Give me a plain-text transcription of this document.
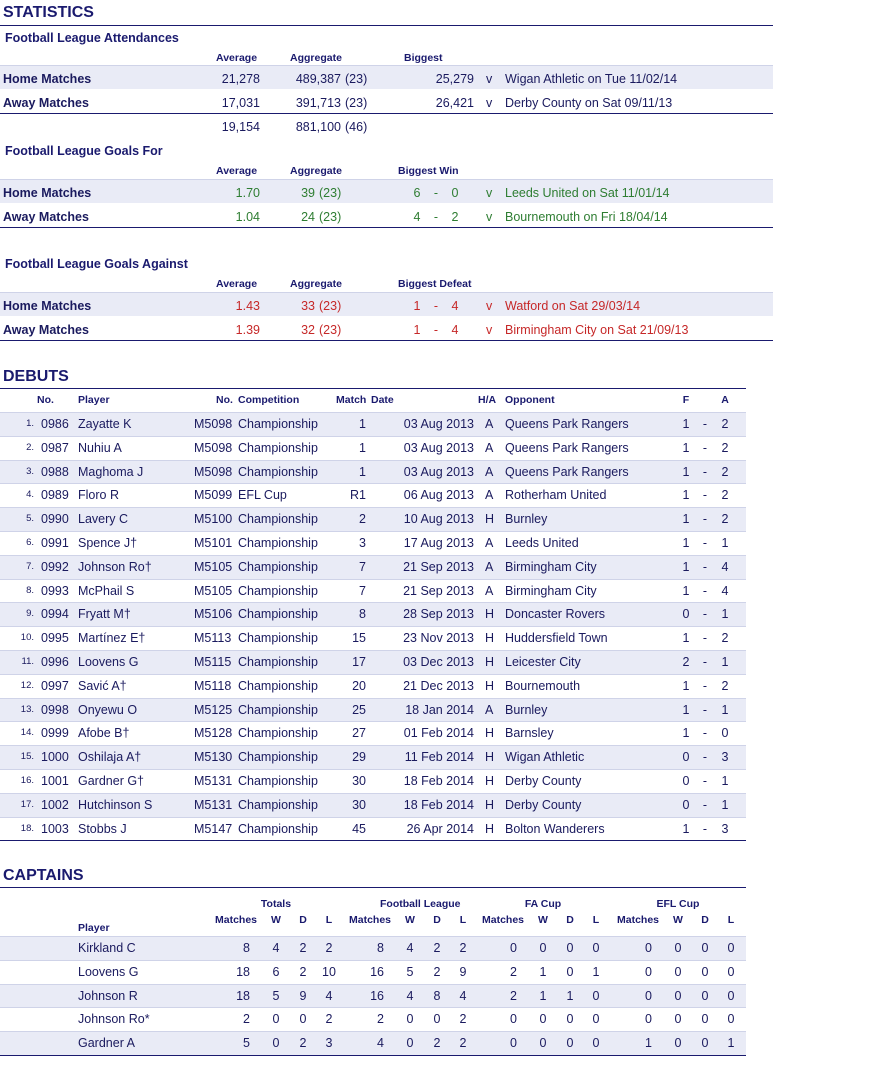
STATISTICS
Football League Attendances
Average	Aggregate	Biggest
Home Matches	21,278	489,387 (23)	25,279 v Wigan Athletic on Tue 11/02/14
Away Matches	17,031	391,713 (23)	26,421 v Derby County on Sat 09/11/13
19,154	881,100 (46)
Football League Goals For
Average	Aggregate	Biggest Win
Home Matches	1.70	39 (23)	6	-	0	v Leeds United on Sat 11/01/14
Away Matches	1.04	24 (23)	4	-	2	v Bournemouth on Fri 18/04/14
Football League Goals Against
Average	Aggregate	Biggest Defeat
Home Matches	1.43	33 (23)	1	-	4	v Watford on Sat 29/03/14
Away Matches	1.39	32 (23)	1	-	4	v Birmingham City on Sat 21/09/13
DEBUTS
No. Player	No. Competition	Match Date	H/A Opponent	F	A
1. 0986 Zayatte K	M5098 Championship	1	03 Aug 2013 A Queens Park Rangers	1	-	2
2. 0987 Nuhiu A	M5098 Championship	1	03 Aug 2013 A Queens Park Rangers	1	-	2
3. 0988 Maghoma J	M5098 Championship	1	03 Aug 2013 A Queens Park Rangers	1	-	2
4. 0989 Floro R	M5099 EFL Cup	R1	06 Aug 2013 A Rotherham United	1	-	2
5. 0990 Lavery C	M5100 Championship	2	10 Aug 2013 H Burnley	1	-	2
6. 0991 Spence J†	M5101 Championship	3	17 Aug 2013 A Leeds United	1	-	1
7. 0992 Johnson Ro†	M5105 Championship	7	21 Sep 2013 A Birmingham City	1	-	4
8. 0993 McPhail S	M5105 Championship	7	21 Sep 2013 A Birmingham City	1	-	4
9. 0994 Fryatt M†	M5106 Championship	8	28 Sep 2013 H Doncaster Rovers	0	-	1
10. 0995 Martínez E†	M5113 Championship	15	23 Nov 2013 H Huddersfield Town	1	-	2
11. 0996 Loovens G	M5115 Championship	17	03 Dec 2013 H Leicester City	2	-	1
12. 0997 Savić A†	M5118 Championship	20	21 Dec 2013 H Bournemouth	1	-	2
13. 0998 Onyewu O	M5125 Championship	25	18 Jan 2014 A Burnley	1	-	1
14. 0999 Afobe B†	M5128 Championship	27	01 Feb 2014 H Barnsley	1	-	0
15. 1000 Oshilaja A†	M5130 Championship	29	11 Feb 2014 H Wigan Athletic	0	-	3
16. 1001 Gardner G†	M5131 Championship	30	18 Feb 2014 H Derby County	0	-	1
17. 1002 Hutchinson S	M5131 Championship	30	18 Feb 2014 H Derby County	0	-	1
18. 1003 Stobbs J	M5147 Championship	45	26 Apr 2014 H Bolton Wanderers	1	-	3
CAPTAINS
Totals
Matches	W	D	L
Football League
Matches	W	D	L
FA Cup
Matches	W	D	L
EFL Cup
Matches	W	D	L
Player
Kirkland C	8	4	2	2	8	4	2	2	0	0	0	0	0	0	0	0
Loovens G	18	6	2	10	16	5	2	9	2	1	0	1	0	0	0	0
Johnson R	18	5	9	4	16	4	8	4	2	1	1	0	0	0	0	0
Johnson Ro*	2	0	0	2	2	0	0	2	0	0	0	0	0	0	0	0
Gardner A	5	0	2	3	4	0	2	2	0	0	0	0	1	0	0	1
